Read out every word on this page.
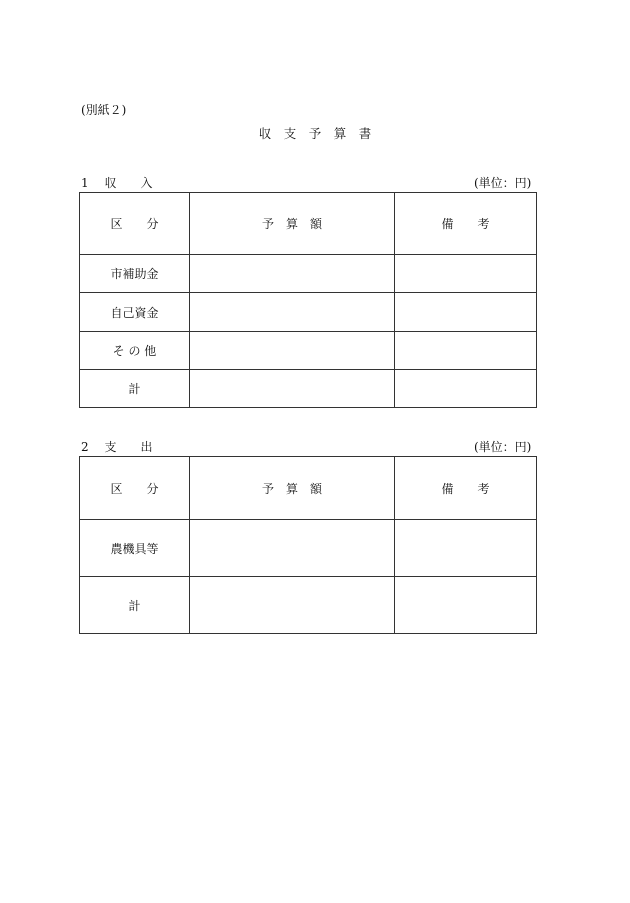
(別紙２)
収　支　予　算　書
1　 収　　入	(単位：円)
区　　分	予　算　額	備　　考
市補助金		
自己資金		
そ の 他		
計		
2　 支　　出	(単位：円)
区　　分	予　算　額	備　　考
農機具等		
計		
